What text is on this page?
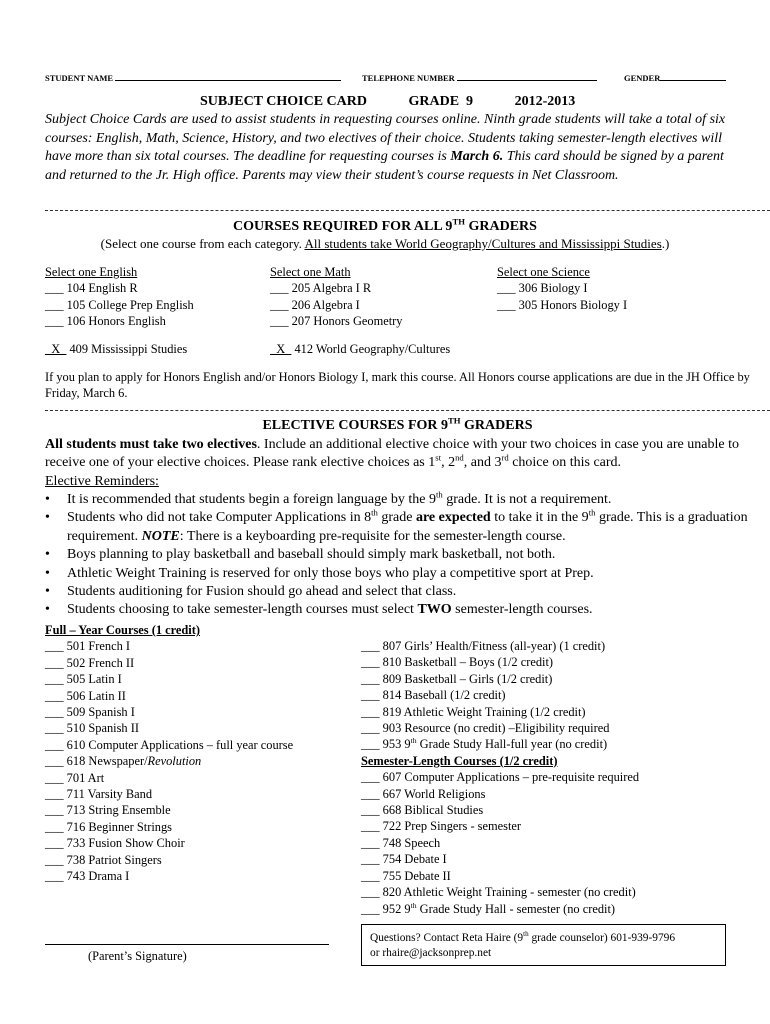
STUDENT NAME	TELEPHONE NUMBER	GENDER
SUBJECT CHOICE CARD	GRADE  9	2012-2013

Subject Choice Cards are used to assist students in requesting courses online. Ninth grade students will take a total of six courses: English, Math, Science, History, and two electives of their choice. Students taking semester-length electives will have more than six total courses. The deadline for requesting courses is March 6. This card should be signed by a parent and returned to the Jr. High office. Parents may view their student’s course requests in Net Classroom.

COURSES REQUIRED FOR ALL 9TH GRADERS
(Select one course from each category. All students take World Geography/Cultures and Mississippi Studies.)
Select one English
___ 104 English R
___ 105 College Prep English
___ 106 Honors English
Select one Math
___ 205 Algebra I R
___ 206 Algebra I
___ 207 Honors Geometry
Select one Science
___ 306 Biology I
___ 305 Honors Biology I
_X_ 409 Mississippi Studies	_X_ 412 World Geography/Cultures

If you plan to apply for Honors English and/or Honors Biology I, mark this course. All Honors course applications are due in the JH Office by Friday, March 6.

ELECTIVE COURSES FOR 9TH GRADERS

All students must take two electives. Include an additional elective choice with your two choices in case you are unable to receive one of your elective choices. Please rank elective choices as 1st, 2nd, and 3rd choice on this card.
Elective Reminders:

• It is recommended that students begin a foreign language by the 9th grade. It is not a requirement.
• Students who did not take Computer Applications in 8th grade are expected to take it in the 9th grade. This is a graduation requirement. NOTE: There is a keyboarding pre-requisite for the semester-length course.
• Boys planning to play basketball and baseball should simply mark basketball, not both.
• Athletic Weight Training is reserved for only those boys who play a competitive sport at Prep.
• Students auditioning for Fusion should go ahead and select that class.
• Students choosing to take semester-length courses must select TWO semester-length courses.
Full – Year Courses (1 credit)
___ 501 French I
___ 502 French II
___ 505 Latin I
___ 506 Latin II
___ 509 Spanish I
___ 510 Spanish II
___ 610 Computer Applications – full year course
___ 618 Newspaper/Revolution
___ 701 Art
___ 711 Varsity Band
___ 713 String Ensemble
___ 716 Beginner Strings
___ 733 Fusion Show Choir
___ 738 Patriot Singers
___ 743 Drama I
___ 807 Girls’ Health/Fitness (all-year) (1 credit)
___ 810 Basketball – Boys (1/2 credit)
___ 809 Basketball – Girls (1/2 credit)
___ 814 Baseball (1/2 credit)
___ 819 Athletic Weight Training (1/2 credit)
___ 903 Resource (no credit) –Eligibility required
___ 953 9th Grade Study Hall-full year (no credit)
Semester-Length Courses (1/2 credit)
___ 607 Computer Applications – pre-requisite required
___ 667 World Religions
___ 668 Biblical Studies
___ 722 Prep Singers - semester
___ 748 Speech
___ 754 Debate I
___ 755 Debate II
___ 820 Athletic Weight Training - semester (no credit)
___ 952 9th Grade Study Hall - semester (no credit)
(Parent’s Signature)
Questions? Contact Reta Haire (9th grade counselor) 601-939-9796
or rhaire@jacksonprep.net
